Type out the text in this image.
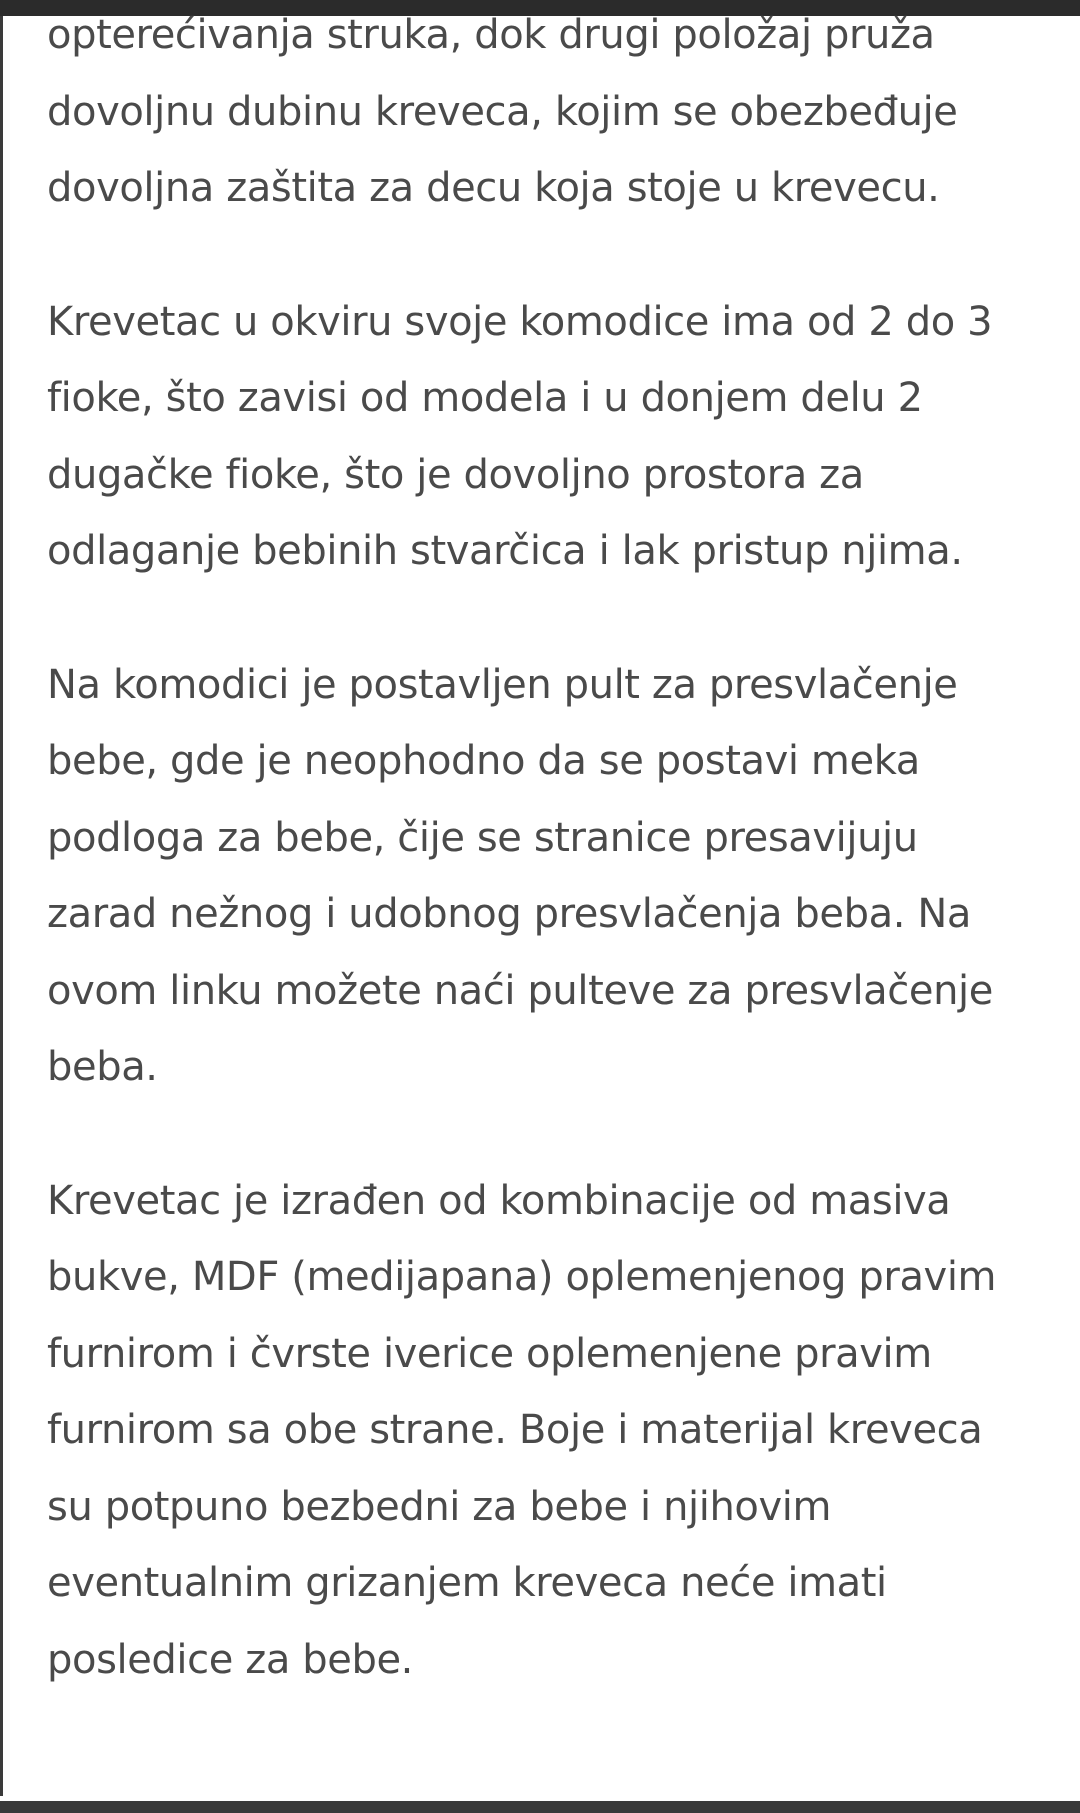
opterećivanja struka, dok drugi položaj pruža
dovoljnu dubinu kreveca, kojim se obezbeđuje
dovoljna zaštita za decu koja stoje u krevecu.

Krevetac u okviru svoje komodice ima od 2 do 3
fioke, što zavisi od modela i u donjem delu 2
dugačke fioke, što je dovoljno prostora za
odlaganje bebinih stvarčica i lak pristup njima.

Na komodici je postavljen pult za presvlačenje
bebe, gde je neophodno da se postavi meka
podloga za bebe, čije se stranice presavijuju
zarad nežnog i udobnog presvlačenja beba. Na
ovom linku možete naći pulteve za presvlačenje
beba.

Krevetac je izrađen od kombinacije od masiva
bukve, MDF (medijapana) oplemenjenog pravim
furnirom i čvrste iverice oplemenjene pravim
furnirom sa obe strane. Boje i materijal kreveca
su potpuno bezbedni za bebe i njihovim
eventualnim grizanjem kreveca neće imati
posledice za bebe.
